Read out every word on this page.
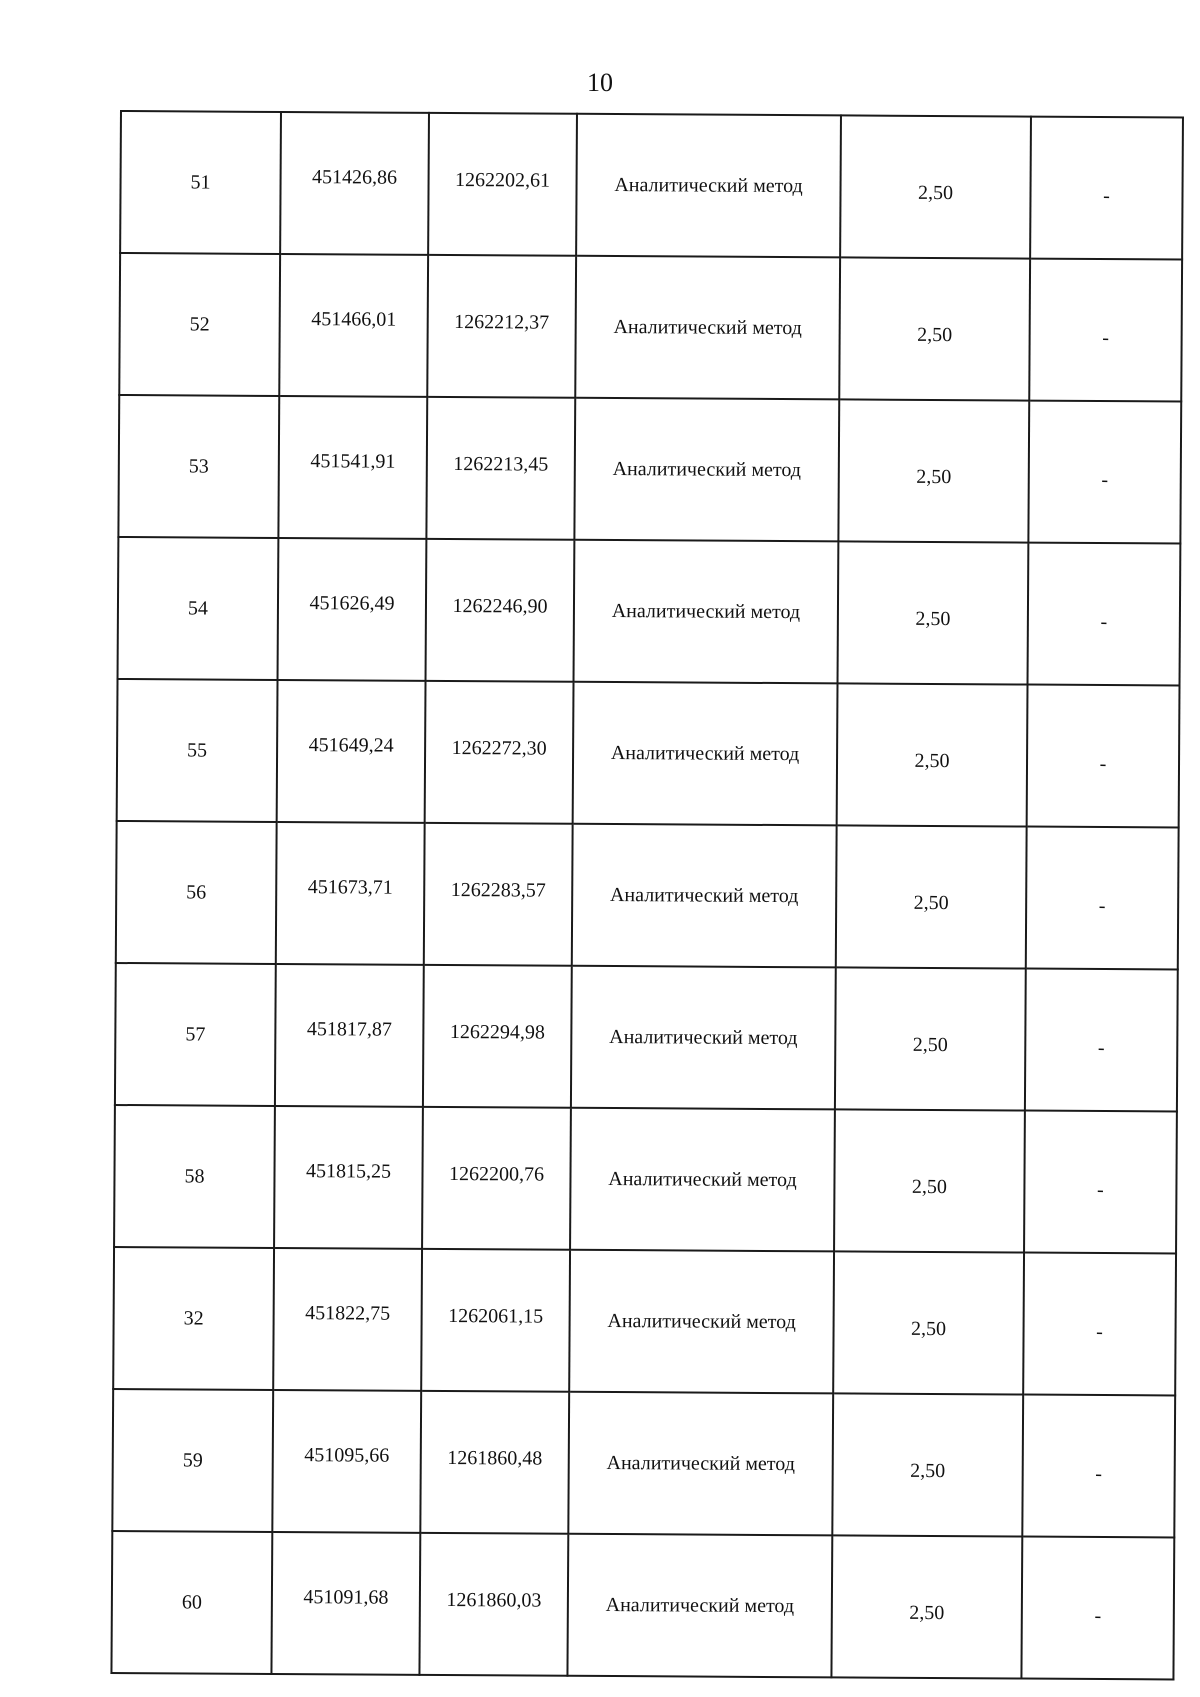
10
51	451426,86	1262202,61	Аналитический метод	2,50	-
52	451466,01	1262212,37	Аналитический метод	2,50	-
53	451541,91	1262213,45	Аналитический метод	2,50	-
54	451626,49	1262246,90	Аналитический метод	2,50	-
55	451649,24	1262272,30	Аналитический метод	2,50	-
56	451673,71	1262283,57	Аналитический метод	2,50	-
57	451817,87	1262294,98	Аналитический метод	2,50	-
58	451815,25	1262200,76	Аналитический метод	2,50	-
32	451822,75	1262061,15	Аналитический метод	2,50	-
59	451095,66	1261860,48	Аналитический метод	2,50	-
60	451091,68	1261860,03	Аналитический метод	2,50	-
